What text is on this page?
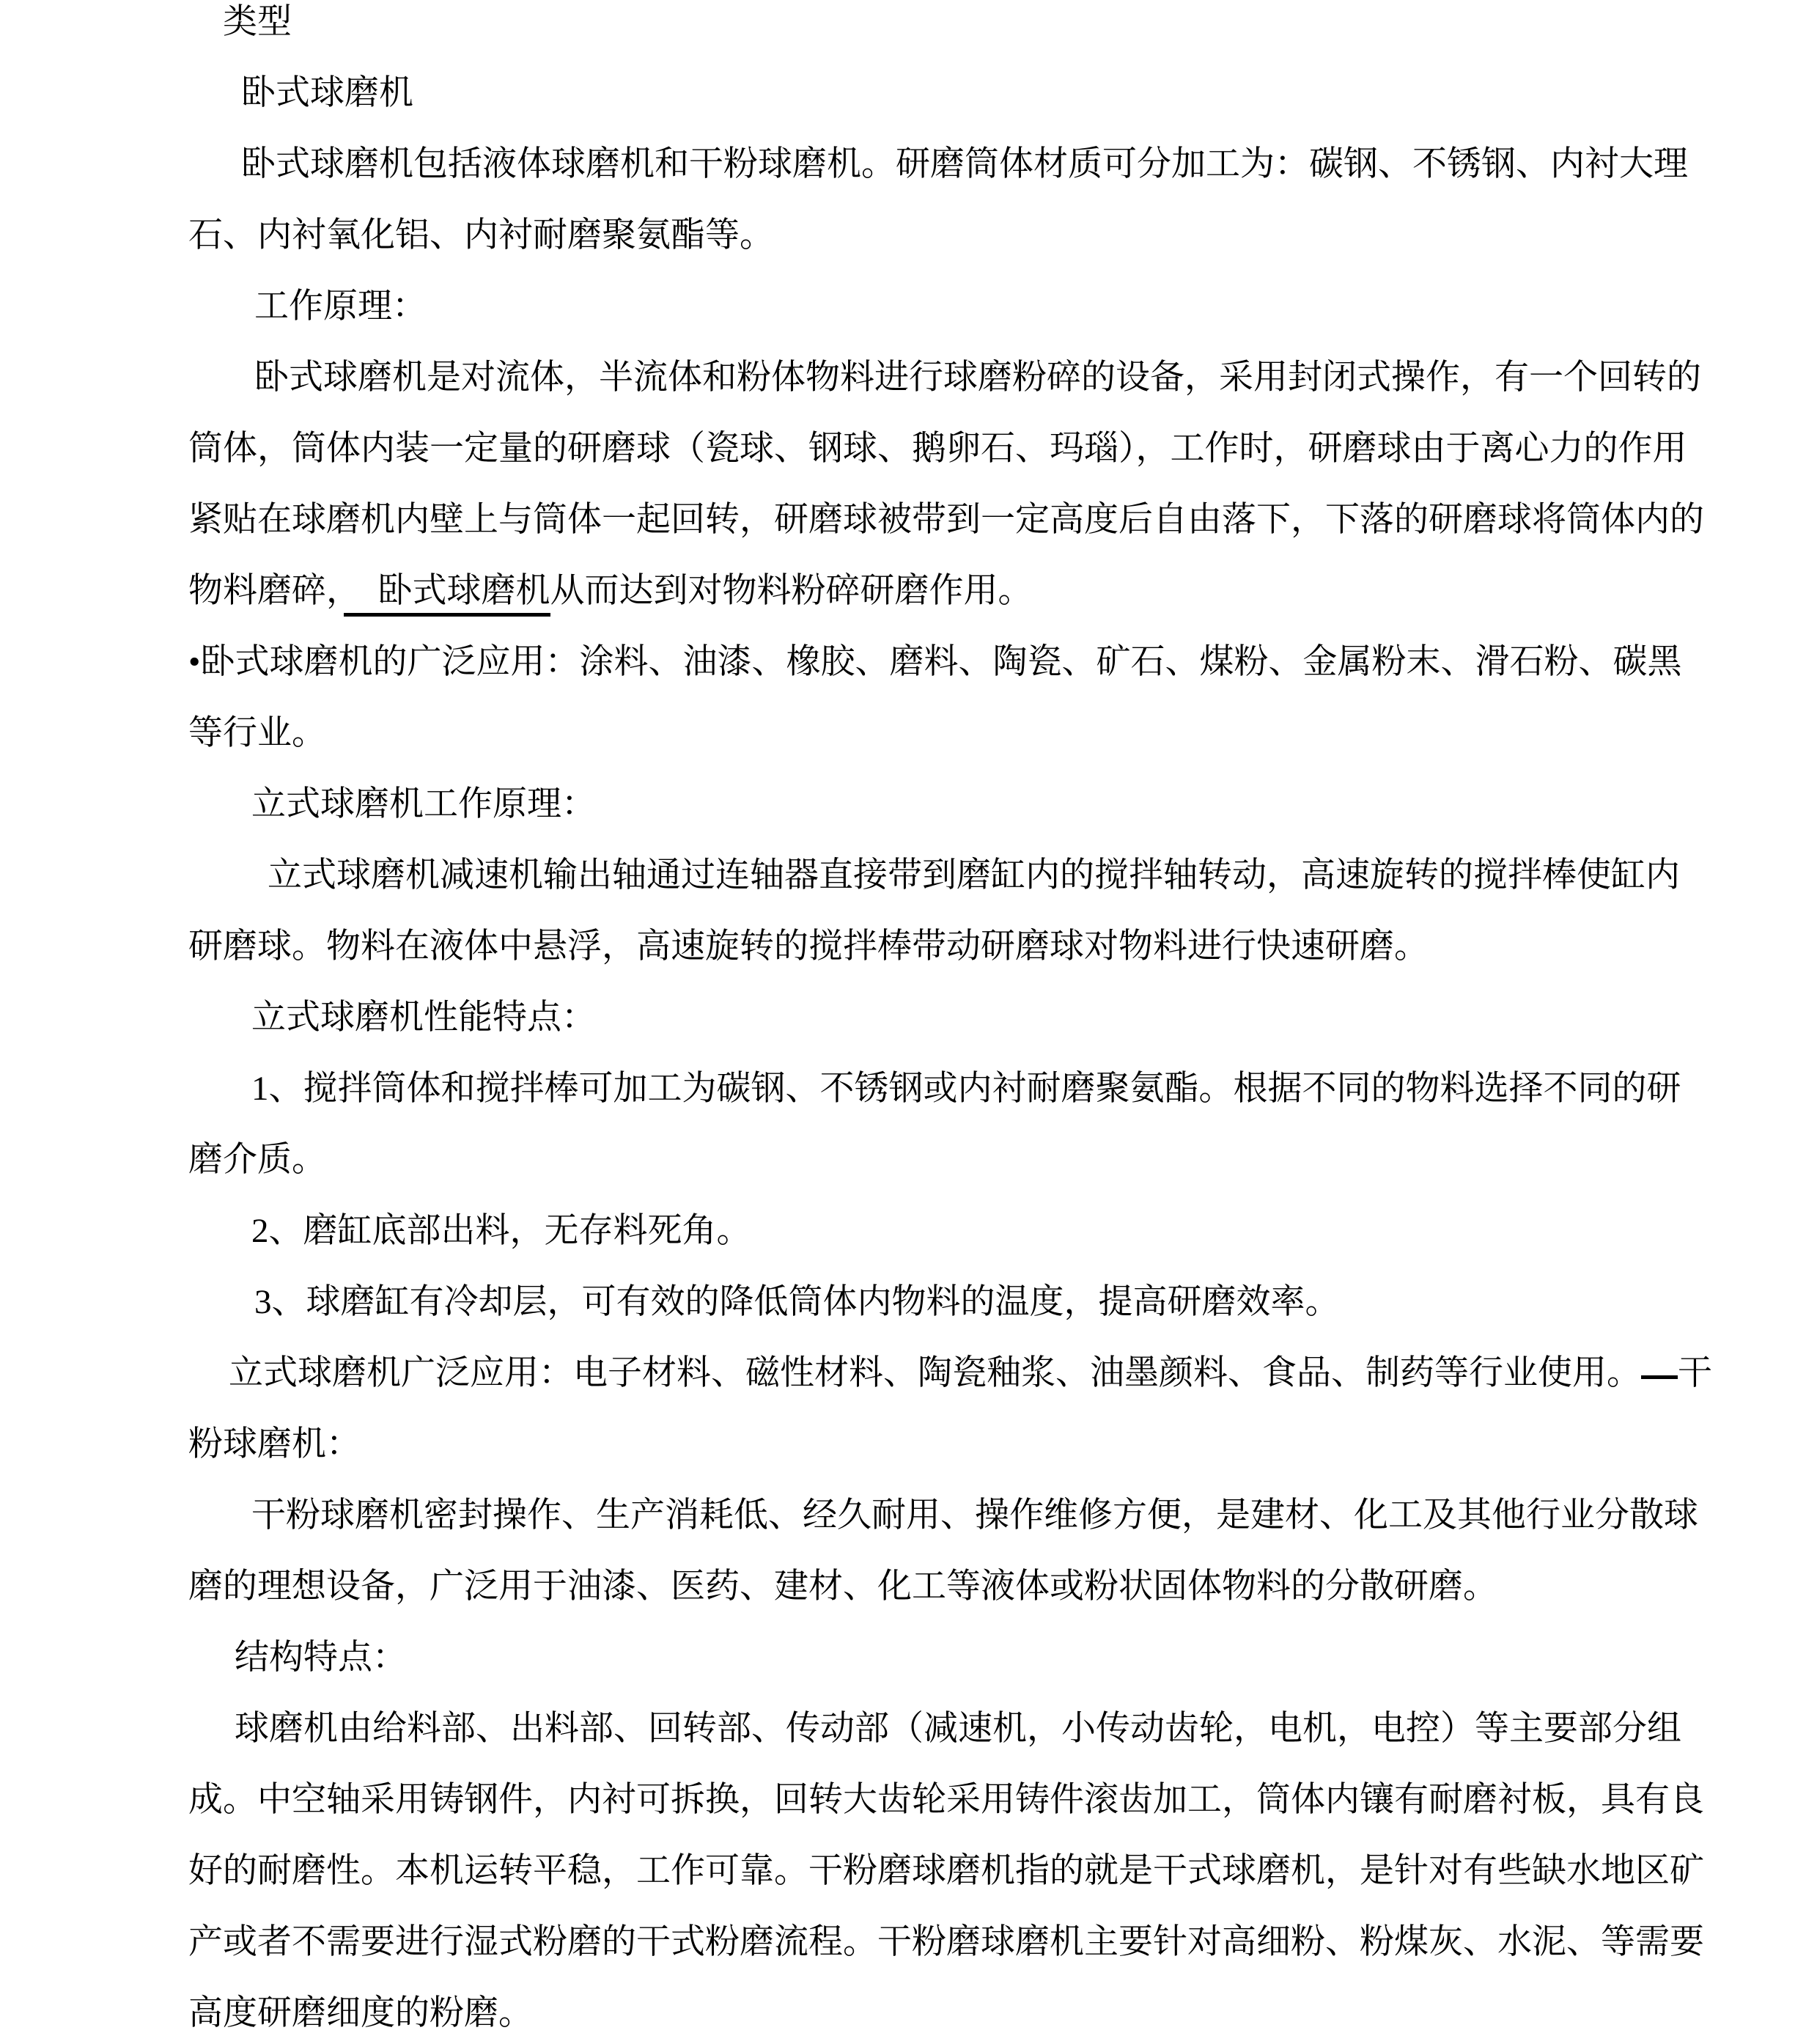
类型
卧式球磨机
卧式球磨机包括液体球磨机和干粉球磨机。研磨筒体材质可分加工为：碳钢、不锈钢、内衬大理
石、内衬氧化铝、内衬耐磨聚氨酯等。
工作原理：
卧式球磨机是对流体，半流体和粉体物料进行球磨粉碎的设备，采用封闭式操作，有一个回转的
筒体，筒体内装一定量的研磨球（瓷球、钢球、鹅卵石、玛瑙），工作时，研磨球由于离心力的作用
紧贴在球磨机内壁上与筒体一起回转，研磨球被带到一定高度后自由落下，下落的研磨球将筒体内的
物料磨碎，　卧式球磨机从而达到对物料粉碎研磨作用。
•卧式球磨机的广泛应用：涂料、油漆、橡胶、磨料、陶瓷、矿石、煤粉、金属粉末、滑石粉、碳黑
等行业。
立式球磨机工作原理：
立式球磨机减速机输出轴通过连轴器直接带到磨缸内的搅拌轴转动，高速旋转的搅拌棒使缸内
研磨球。物料在液体中悬浮，高速旋转的搅拌棒带动研磨球对物料进行快速研磨。
立式球磨机性能特点：
1、搅拌筒体和搅拌棒可加工为碳钢、不锈钢或内衬耐磨聚氨酯。根据不同的物料选择不同的研
磨介质。
2、磨缸底部出料，无存料死角。
3、球磨缸有冷却层，可有效的降低筒体内物料的温度，提高研磨效率。
立式球磨机广泛应用：电子材料、磁性材料、陶瓷釉浆、油墨颜料、食品、制药等行业使用。　 干
粉球磨机：
干粉球磨机密封操作、生产消耗低、经久耐用、操作维修方便，是建材、化工及其他行业分散球
磨的理想设备，广泛用于油漆、医药、建材、化工等液体或粉状固体物料的分散研磨。
结构特点：
球磨机由给料部、出料部、回转部、传动部（减速机，小传动齿轮，电机，电控）等主要部分组
成。中空轴采用铸钢件，内衬可拆换，回转大齿轮采用铸件滚齿加工，筒体内镶有耐磨衬板，具有良
好的耐磨性。本机运转平稳，工作可靠。干粉磨球磨机指的就是干式球磨机，是针对有些缺水地区矿
产或者不需要进行湿式粉磨的干式粉磨流程。干粉磨球磨机主要针对高细粉、粉煤灰、水泥、等需要
高度研磨细度的粉磨。
